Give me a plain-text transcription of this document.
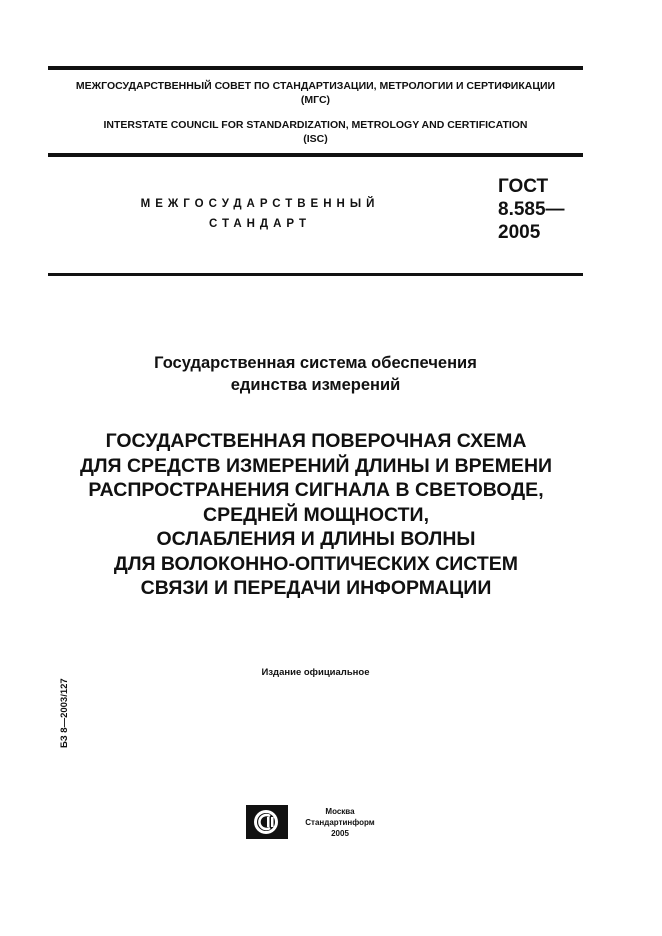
МЕЖГОСУДАРСТВЕННЫЙ СОВЕТ ПО СТАНДАРТИЗАЦИИ, МЕТРОЛОГИИ И СЕРТИФИКАЦИИ
(МГС)
INTERSTATE COUNCIL FOR STANDARDIZATION, METROLOGY AND CERTIFICATION
(ISC)
МЕЖГОСУДАРСТВЕННЫЙ
СТАНДАРТ
ГОСТ
8.585—
2005
Государственная система обеспечения
единства измерений
ГОСУДАРСТВЕННАЯ ПОВЕРОЧНАЯ СХЕМА
ДЛЯ СРЕДСТВ ИЗМЕРЕНИЙ ДЛИНЫ И ВРЕМЕНИ
РАСПРОСТРАНЕНИЯ СИГНАЛА В СВЕТОВОДЕ,
СРЕДНЕЙ МОЩНОСТИ,
ОСЛАБЛЕНИЯ И ДЛИНЫ ВОЛНЫ
ДЛЯ ВОЛОКОННО-ОПТИЧЕСКИХ СИСТЕМ
СВЯЗИ И ПЕРЕДАЧИ ИНФОРМАЦИИ
Издание официальное
БЗ 8—2003/127
Москва
Стандартинформ
2005
